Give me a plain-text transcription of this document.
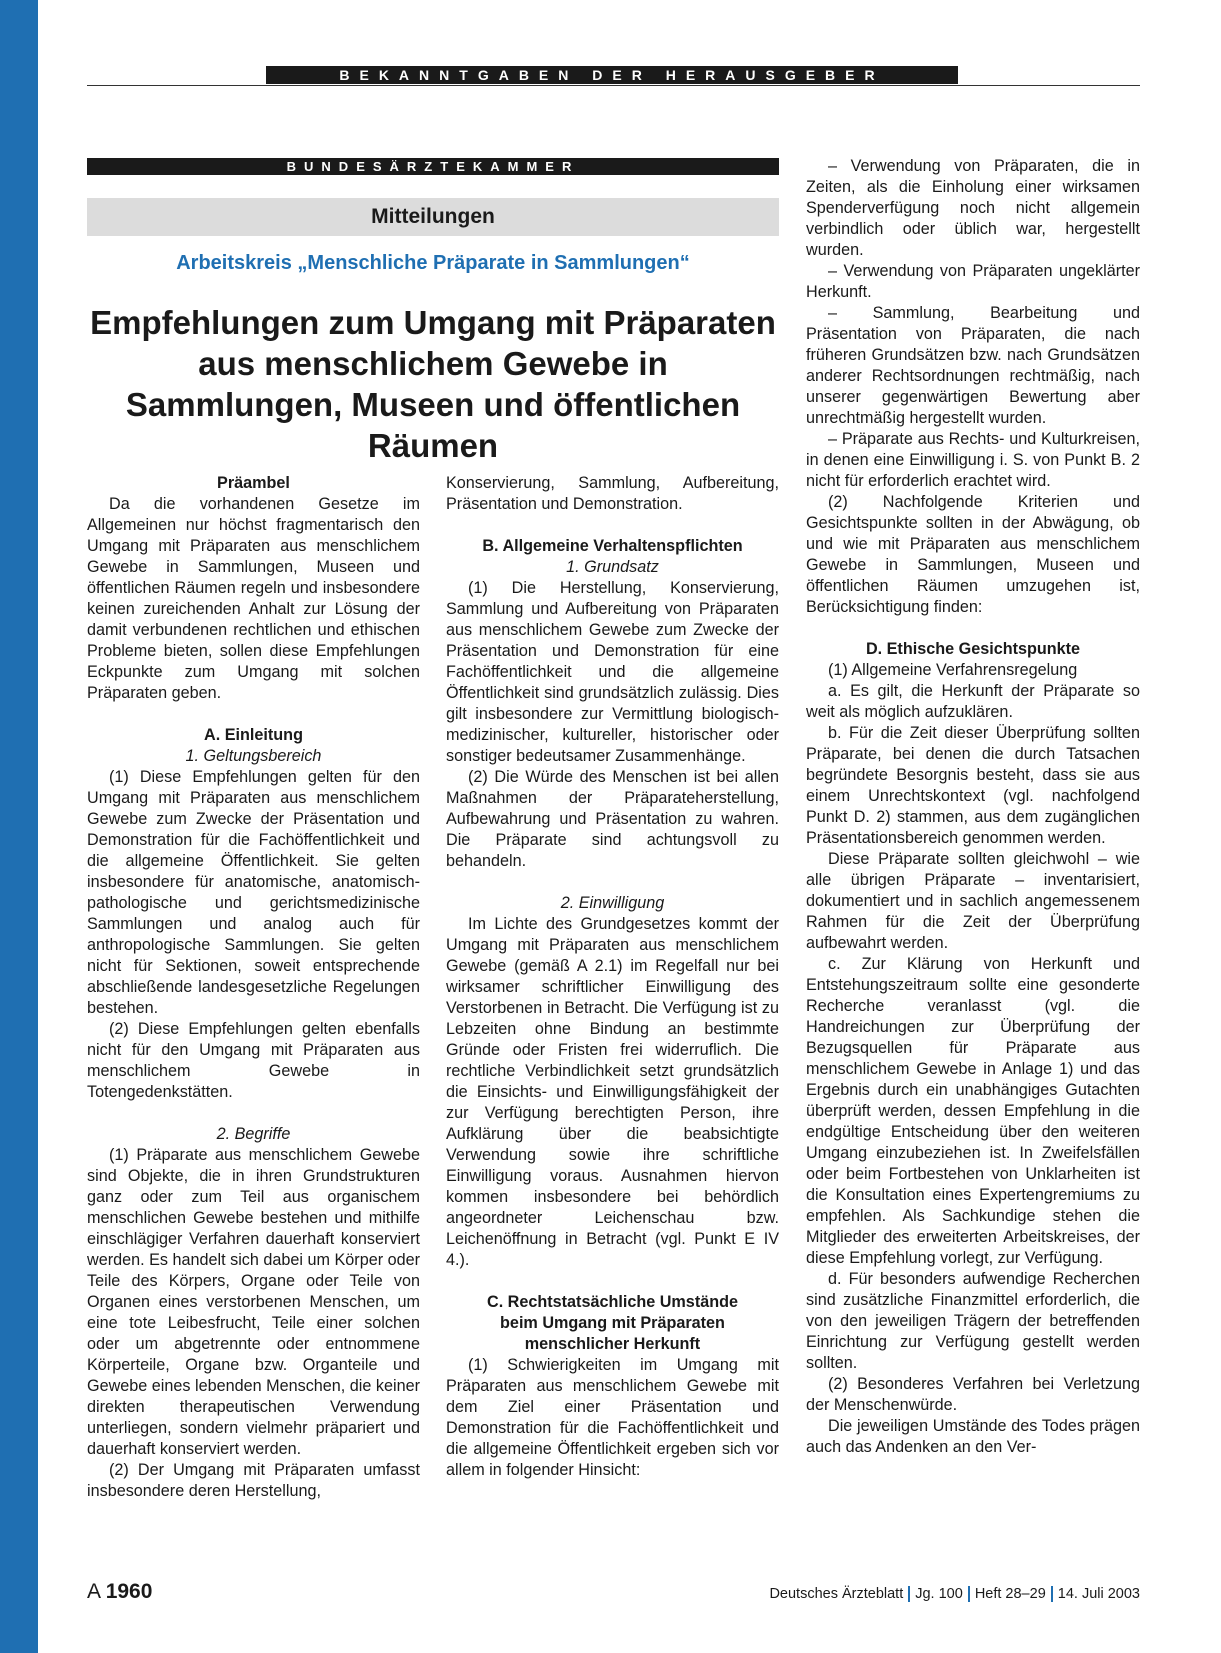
BEKANNTGABEN DER HERAUSGEBER
BUNDESÄRZTEKAMMER
Mitteilungen
Arbeitskreis „Menschliche Präparate in Sammlungen“
Empfehlungen zum Umgang mit Präparaten aus menschlichem Gewebe in Sammlungen, Museen und öffentlichen Räumen
Präambel

Da die vorhandenen Gesetze im Allgemeinen nur höchst fragmentarisch den Umgang mit Präparaten aus menschlichem Gewebe in Sammlungen, Museen und öffentlichen Räumen regeln und insbesondere keinen zureichenden Anhalt zur Lösung der damit verbundenen rechtlichen und ethischen Probleme bieten, sollen diese Empfehlungen Eckpunkte zum Umgang mit solchen Präparaten geben.

A. Einleitung
1. Geltungsbereich

(1) Diese Empfehlungen gelten für den Umgang mit Präparaten aus menschlichem Gewebe zum Zwecke der Präsentation und Demonstration für die Fachöffentlichkeit und die allgemeine Öffentlichkeit. Sie gelten insbesondere für anatomische, anatomisch-pathologische und gerichtsmedizinische Sammlungen und analog auch für anthropologische Sammlungen. Sie gelten nicht für Sektionen, soweit entsprechende abschließende landesgesetzliche Regelungen bestehen.

(2) Diese Empfehlungen gelten ebenfalls nicht für den Umgang mit Präparaten aus menschlichem Gewebe in Totengedenkstätten.

2. Begriffe

(1) Präparate aus menschlichem Gewebe sind Objekte, die in ihren Grundstrukturen ganz oder zum Teil aus organischem menschlichen Gewebe bestehen und mithilfe einschlägiger Verfahren dauerhaft konserviert werden. Es handelt sich dabei um Körper oder Teile des Körpers, Organe oder Teile von Organen eines verstorbenen Menschen, um eine tote Leibesfrucht, Teile einer solchen oder um abgetrennte oder entnommene Körperteile, Organe bzw. Organteile und Gewebe eines lebenden Menschen, die keiner direkten therapeutischen Verwendung unterliegen, sondern vielmehr präpariert und dauerhaft konserviert werden.

(2) Der Umgang mit Präparaten umfasst insbesondere deren Herstellung,

Konservierung, Sammlung, Aufbereitung, Präsentation und Demonstration.

B. Allgemeine Verhaltenspflichten
1. Grundsatz

(1) Die Herstellung, Konservierung, Sammlung und Aufbereitung von Präparaten aus menschlichem Gewebe zum Zwecke der Präsentation und Demonstration für eine Fachöffentlichkeit und die allgemeine Öffentlichkeit sind grundsätzlich zulässig. Dies gilt insbesondere zur Vermittlung biologisch-medizinischer, kultureller, historischer oder sonstiger bedeutsamer Zusammenhänge.

(2) Die Würde des Menschen ist bei allen Maßnahmen der Präparateherstellung, Aufbewahrung und Präsentation zu wahren. Die Präparate sind achtungsvoll zu behandeln.

2. Einwilligung

Im Lichte des Grundgesetzes kommt der Umgang mit Präparaten aus menschlichem Gewebe (gemäß A 2.1) im Regelfall nur bei wirksamer schriftlicher Einwilligung des Verstorbenen in Betracht. Die Verfügung ist zu Lebzeiten ohne Bindung an bestimmte Gründe oder Fristen frei widerruflich. Die rechtliche Verbindlichkeit setzt grundsätzlich die Einsichts- und Einwilligungsfähigkeit der zur Verfügung berechtigten Person, ihre Aufklärung über die beabsichtigte Verwendung sowie ihre schriftliche Einwilligung voraus. Ausnahmen hiervon kommen insbesondere bei behördlich angeordneter Leichenschau bzw. Leichenöffnung in Betracht (vgl. Punkt E IV 4.).

C. Rechtstatsächliche Umstände
beim Umgang mit Präparaten
menschlicher Herkunft

(1) Schwierigkeiten im Umgang mit Präparaten aus menschlichem Gewebe mit dem Ziel einer Präsentation und Demonstration für die Fachöffentlichkeit und die allgemeine Öffentlichkeit ergeben sich vor allem in folgender Hinsicht:

– Verwendung von Präparaten, die in Zeiten, als die Einholung einer wirksamen Spenderverfügung noch nicht allgemein verbindlich oder üblich war, hergestellt wurden.

– Verwendung von Präparaten ungeklärter Herkunft.

– Sammlung, Bearbeitung und Präsentation von Präparaten, die nach früheren Grundsätzen bzw. nach Grundsätzen anderer Rechtsordnungen rechtmäßig, nach unserer gegenwärtigen Bewertung aber unrechtmäßig hergestellt wurden.

– Präparate aus Rechts- und Kulturkreisen, in denen eine Einwilligung i. S. von Punkt B. 2 nicht für erforderlich erachtet wird.

(2) Nachfolgende Kriterien und Gesichtspunkte sollten in der Abwägung, ob und wie mit Präparaten aus menschlichem Gewebe in Sammlungen, Museen und öffentlichen Räumen umzugehen ist, Berücksichtigung finden:

D. Ethische Gesichtspunkte

(1) Allgemeine Verfahrensregelung

a. Es gilt, die Herkunft der Präparate so weit als möglich aufzuklären.

b. Für die Zeit dieser Überprüfung sollten Präparate, bei denen die durch Tatsachen begründete Besorgnis besteht, dass sie aus einem Unrechtskontext (vgl. nachfolgend Punkt D. 2) stammen, aus dem zugänglichen Präsentationsbereich genommen werden.

Diese Präparate sollten gleichwohl – wie alle übrigen Präparate – inventarisiert, dokumentiert und in sachlich angemessenem Rahmen für die Zeit der Überprüfung aufbewahrt werden.

c. Zur Klärung von Herkunft und Entstehungszeitraum sollte eine gesonderte Recherche veranlasst (vgl. die Handreichungen zur Überprüfung der Bezugsquellen für Präparate aus menschlichem Gewebe in Anlage 1) und das Ergebnis durch ein unabhängiges Gutachten überprüft werden, dessen Empfehlung in die endgültige Entscheidung über den weiteren Umgang einzubeziehen ist. In Zweifelsfällen oder beim Fortbestehen von Unklarheiten ist die Konsultation eines Expertengremiums zu empfehlen. Als Sachkundige stehen die Mitglieder des erweiterten Arbeitskreises, der diese Empfehlung vorlegt, zur Verfügung.

d. Für besonders aufwendige Recherchen sind zusätzliche Finanzmittel erforderlich, die von den jeweiligen Trägern der betreffenden Einrichtung zur Verfügung gestellt werden sollten.

(2) Besonderes Verfahren bei Verletzung der Menschenwürde.

Die jeweiligen Umstände des Todes prägen auch das Andenken an den Ver-

A 1960	Deutsches Ärzteblatt Jg. 100 Heft 28–29 14. Juli 2003
